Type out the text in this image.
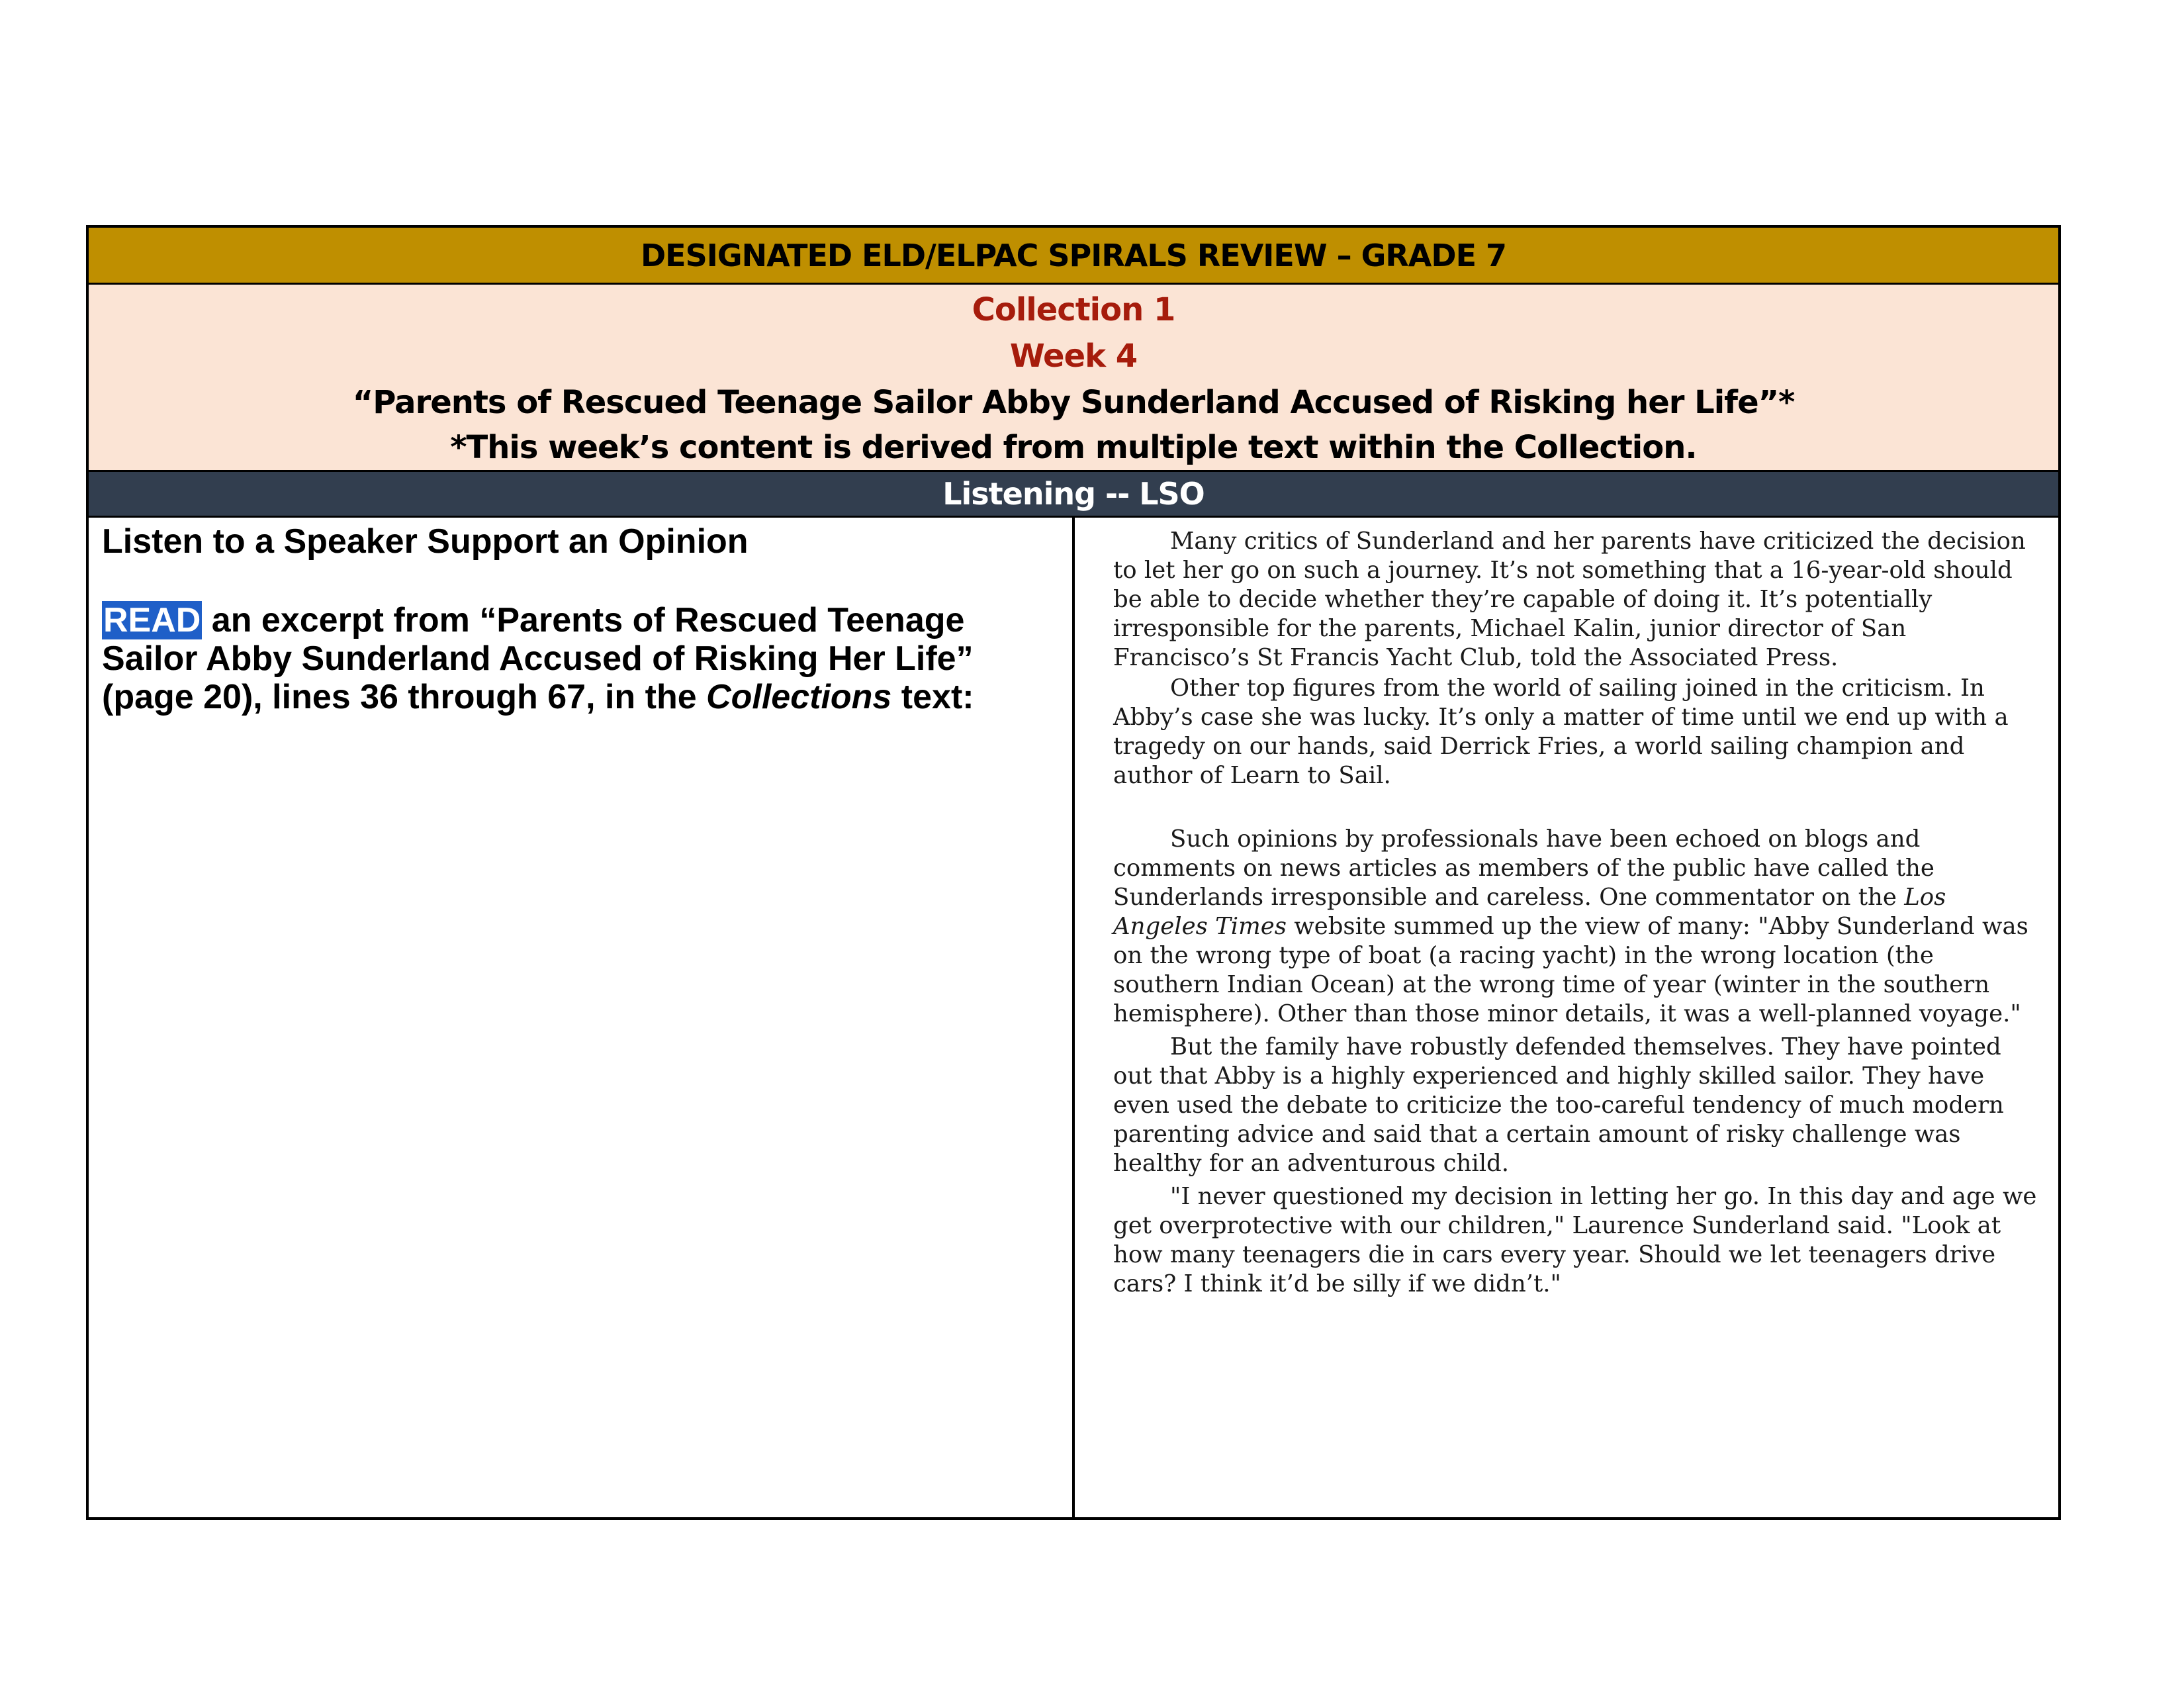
DESIGNATED ELD/ELPAC SPIRALS REVIEW – GRADE 7
Collection 1
Week 4
“Parents of Rescued Teenage Sailor Abby Sunderland Accused of Risking her Life”*
*This week’s content is derived from multiple text within the Collection.
Listening -- LSO

Listen to a Speaker Support an Opinion

READ an excerpt from “Parents of Rescued Teenage Sailor Abby Sunderland Accused of Risking Her Life” (page 20), lines 36 through 67, in the Collections text:

Many critics of Sunderland and her parents have criticized the decision to let her go on such a journey. It’s not something that a 16-year-old should be able to decide whether they’re capable of doing it. It’s potentially irresponsible for the parents, Michael Kalin, junior director of San Francisco’s St Francis Yacht Club, told the Associated Press.

Other top figures from the world of sailing joined in the criticism. In Abby’s case she was lucky. It’s only a matter of time until we end up with a tragedy on our hands, said Derrick Fries, a world sailing champion and author of Learn to Sail.

Such opinions by professionals have been echoed on blogs and comments on news articles as members of the public have called the Sunderlands irresponsible and careless. One commentator on the Los Angeles Times website summed up the view of many: "Abby Sunderland was on the wrong type of boat (a racing yacht) in the wrong location (the southern Indian Ocean) at the wrong time of year (winter in the southern hemisphere). Other than those minor details, it was a well-planned voyage."

But the family have robustly defended themselves. They have pointed out that Abby is a highly experienced and highly skilled sailor. They have even used the debate to criticize the too-careful tendency of much modern parenting advice and said that a certain amount of risky challenge was healthy for an adventurous child.

"I never questioned my decision in letting her go. In this day and age we get overprotective with our children," Laurence Sunderland said. "Look at how many teenagers die in cars every year. Should we let teenagers drive cars? I think it’d be silly if we didn’t."
